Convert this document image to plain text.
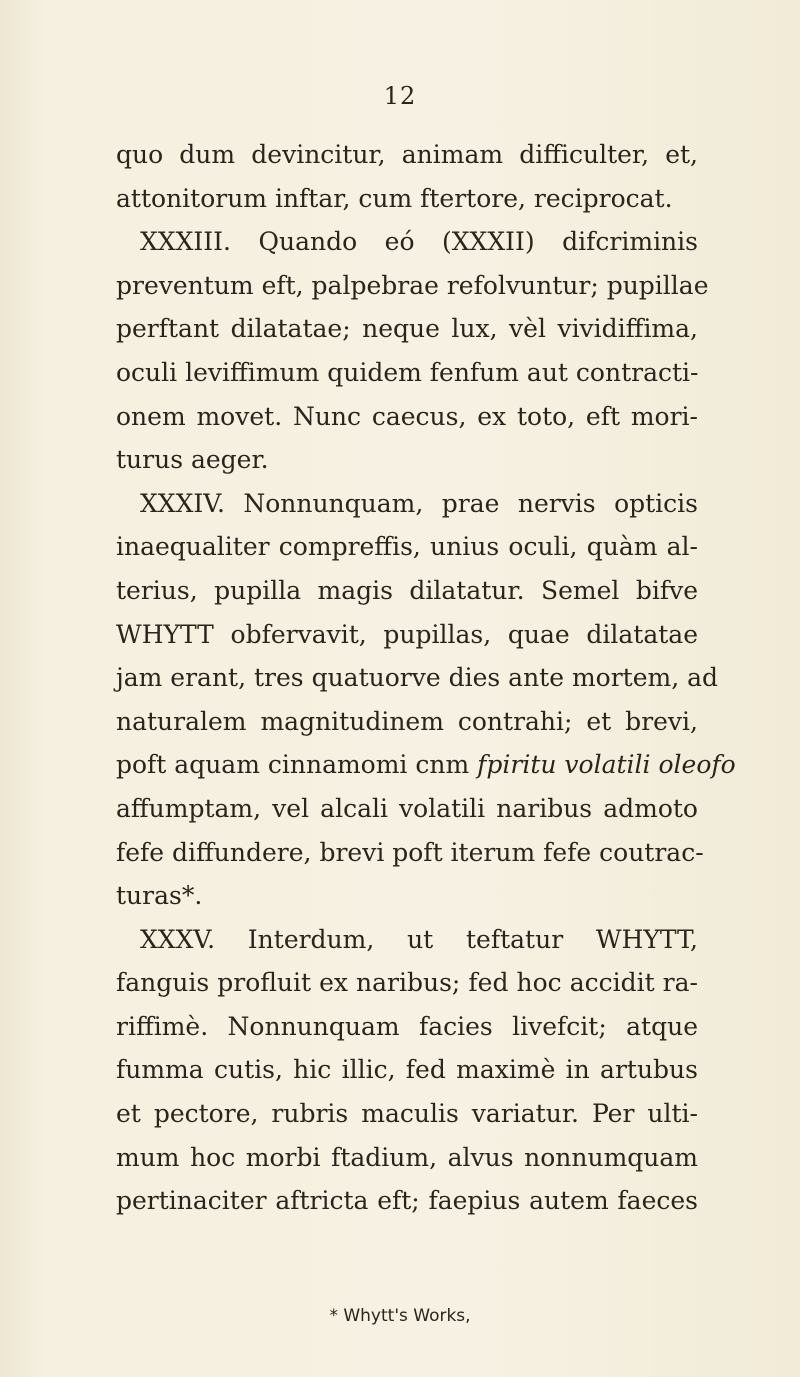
12
quo dum devincitur, animam difficulter, et,
attonitorum inftar, cum ftertore, reciprocat.
XXXIII. Quando eó (XXXII) difcriminis
preventum eft, palpebrae refolvuntur; pupillae
perftant dilatatae; neque lux, vèl vividiffima,
oculi leviffimum quidem fenfum aut contracti-
onem movet. Nunc caecus, ex toto, eft mori-
turus aeger.
XXXIV. Nonnunquam, prae nervis opticis
inaequaliter compreffis, unius oculi, quàm al-
terius, pupilla magis dilatatur. Semel bifve
WHYTT obfervavit, pupillas, quae dilatatae
jam erant, tres quatuorve dies ante mortem, ad
naturalem magnitudinem contrahi; et brevi,
poft aquam cinnamomi cnm fpiritu volatili oleofo
affumptam, vel alcali volatili naribus admoto
fefe diffundere, brevi poft iterum fefe coutrac-
turas*.
XXXV. Interdum, ut teftatur WHYTT,
fanguis profluit ex naribus; fed hoc accidit ra-
riffimè. Nonnunquam facies livefcit; atque
fumma cutis, hic illic, fed maximè in artubus
et pectore, rubris maculis variatur. Per ulti-
mum hoc morbi ftadium, alvus nonnumquam
pertinaciter aftricta eft; faepius autem faeces
* Whytt's Works,
